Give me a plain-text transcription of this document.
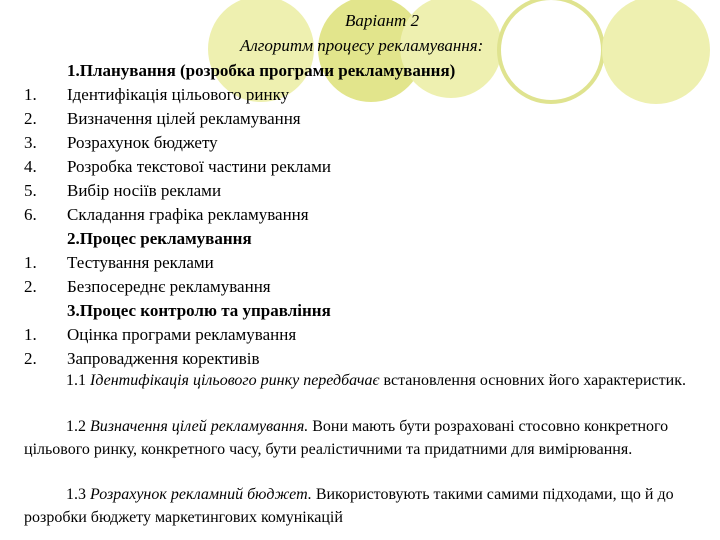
Варіант 2
Алгоритм процесу рекламування:
1.Планування (розробка програми рекламування)
1. Ідентифікація цільового ринку
2. Визначення цілей рекламування
3. Розрахунок бюджету
4. Розробка текстової частини реклами
5. Вибір носіїв реклами
6. Складання графіка рекламування
2.Процес рекламування
1. Тестування реклами
2. Безпосереднє рекламування
3.Процес контролю та управління
1. Оцінка програми рекламування
2. Запровадження корективів
1.1 Ідентифікація цільового ринку передбачає встановлення основних його характеристик.
1.2 Визначення цілей рекламування. Вони мають бути розраховані стосовно конкретного цільового ринку, конкретного часу, бути реалістичними та придатними для вимірювання.
1.3 Розрахунок рекламний бюджет. Використовують такими самими підходами, що й до розробки бюджету маркетингових комунікацій
